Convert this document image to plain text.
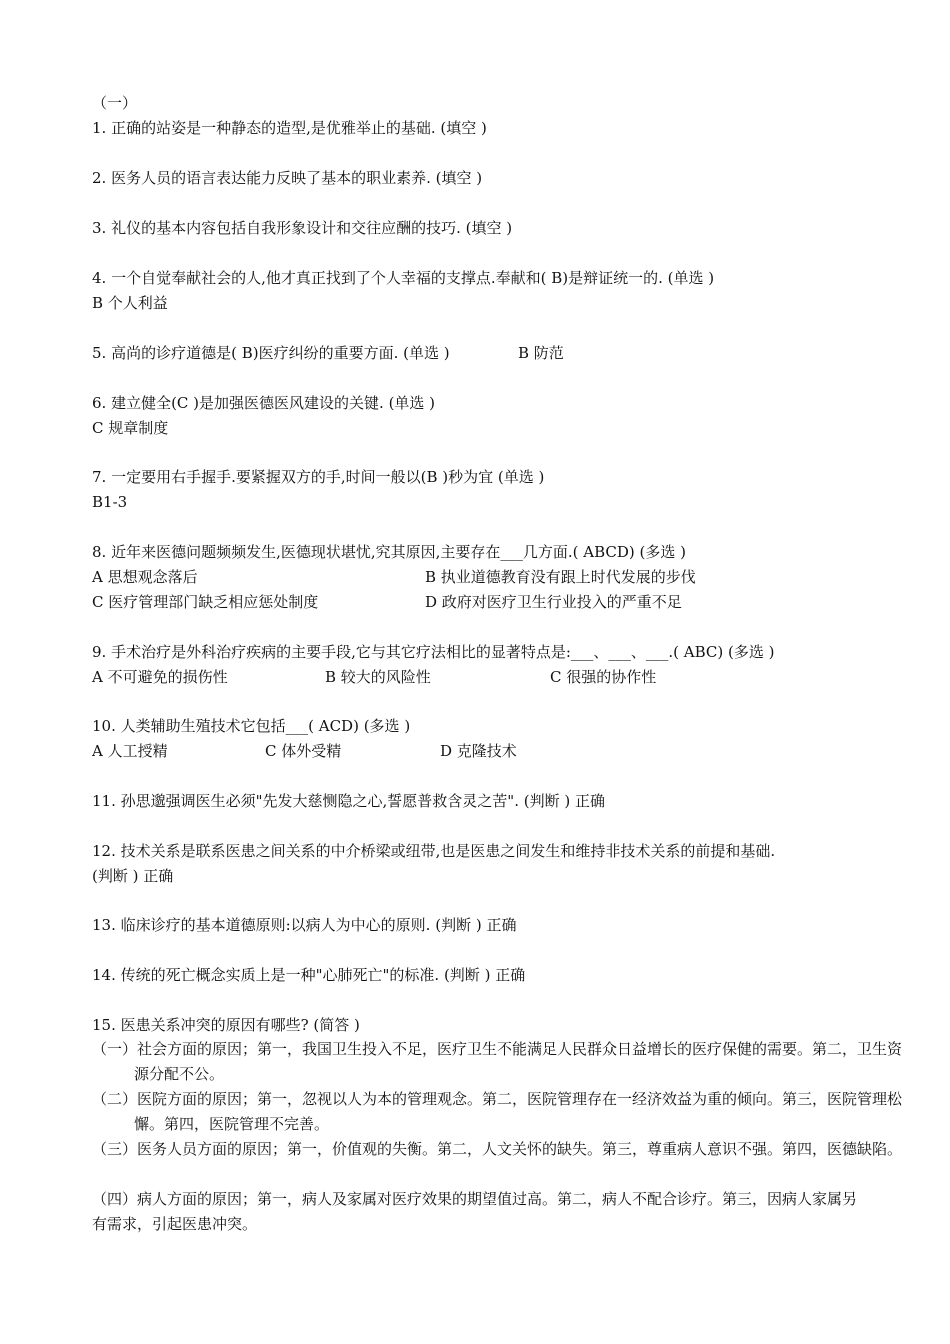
（一）
1. 正确的站姿是一种静态的造型,是优雅举止的基础. (填空 )
2. 医务人员的语言表达能力反映了基本的职业素养. (填空 )
3. 礼仪的基本内容包括自我形象设计和交往应酬的技巧. (填空 )
4. 一个自觉奉献社会的人,他才真正找到了个人幸福的支撑点.奉献和( B)是辩证统一的. (单选 )
B 个人利益
5. 高尚的诊疗道德是( B)医疗纠纷的重要方面. (单选 )	B 防范
6. 建立健全(C )是加强医德医风建设的关键. (单选 )
C 规章制度
7. 一定要用右手握手.要紧握双方的手,时间一般以(B )秒为宜 (单选 )
B1-3
8. 近年来医德问题频频发生,医德现状堪忧,究其原因,主要存在___几方面.( ABCD) (多选 )
A 思想观念落后	B 执业道德教育没有跟上时代发展的步伐
C 医疗管理部门缺乏相应惩处制度	D 政府对医疗卫生行业投入的严重不足
9. 手术治疗是外科治疗疾病的主要手段,它与其它疗法相比的显著特点是:___、___、___.( ABC) (多选 )
A 不可避免的损伤性	B 较大的风险性	C 很强的协作性
10. 人类辅助生殖技术它包括___( ACD) (多选 )
A 人工授精	C 体外受精	D 克隆技术
11. 孙思邈强调医生必须"先发大慈恻隐之心,誓愿普救含灵之苦". (判断 ) 正确
12. 技术关系是联系医患之间关系的中介桥梁或纽带,也是医患之间发生和维持非技术关系的前提和基础.
(判断 ) 正确
13. 临床诊疗的基本道德原则:以病人为中心的原则. (判断 ) 正确
14. 传统的死亡概念实质上是一种"心肺死亡"的标准. (判断 ) 正确
15. 医患关系冲突的原因有哪些? (简答 )
（一）社会方面的原因；第一，我国卫生投入不足，医疗卫生不能满足人民群众日益增长的医疗保健的需要。第二，卫生资源分配不公。
（二）医院方面的原因；第一，忽视以人为本的管理观念。第二，医院管理存在一经济效益为重的倾向。第三，医院管理松懈。第四，医院管理不完善。
（三）医务人员方面的原因；第一，价值观的失衡。第二，人文关怀的缺失。第三，尊重病人意识不强。第四，医德缺陷。
（四）病人方面的原因；第一，病人及家属对医疗效果的期望值过高。第二，病人不配合诊疗。第三，因病人家属另有需求，引起医患冲突。
